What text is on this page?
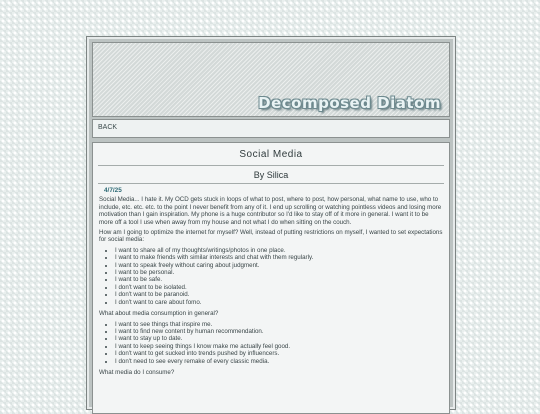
Decomposed Diatom
BACK
Social Media
By Silica
4/7/25

Social Media... I hate it. My OCD gets stuck in loops of what to post, where to post, how personal, what name to use, who to include, etc. etc. etc. to the point I never benefit from any of it. I end up scrolling or watching pointless videos and losing more motivation than I gain inspiration. My phone is a huge contributor so I'd like to stay off of it more in general. I want it to be more off a tool I use when away from my house and not what I do when sitting on the couch.

How am I going to optimize the internet for myself? Well, instead of putting restrictions on myself, I wanted to set expectations for social media:

• I want to share all of my thoughts/writings/photos in one place.
• I want to make friends with similar interests and chat with them regularly.
• I want to speak freely without caring about judgment.
• I want to be personal.
• I want to be safe.
• I don't want to be isolated.
• I don't want to be paranoid.
• I don't want to care about fomo.

What about media consumption in general?

• I want to see things that inspire me.
• I want to find new content by human recommendation.
• I want to stay up to date.
• I want to keep seeing things I know make me actually feel good.
• I don't want to get sucked into trends pushed by influencers.
• I don't need to see every remake of every classic media.

What media do I consume?
